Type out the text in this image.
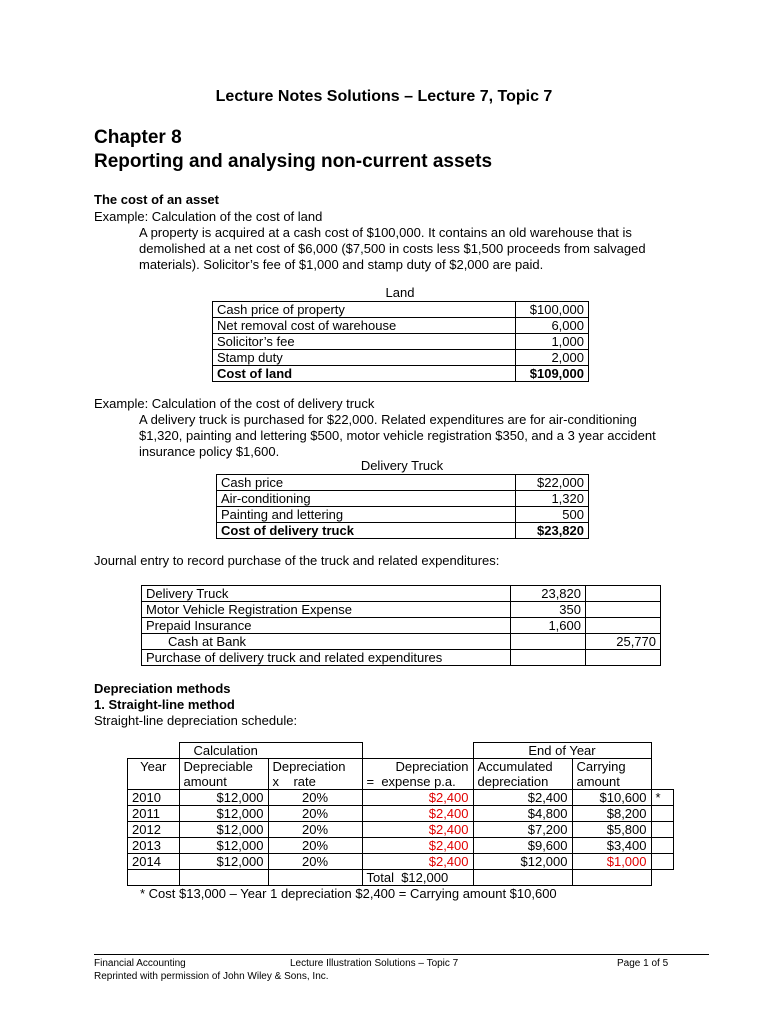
Lecture Notes Solutions – Lecture 7, Topic 7
Chapter 8
Reporting and analysing non-current assets
The cost of an asset
Example: Calculation of the cost of land
A property is acquired at a cash cost of $100,000. It contains an old warehouse that is
demolished at a net cost of $6,000 ($7,500 in costs less $1,500 proceeds from salvaged
materials). Solicitor’s fee of $1,000 and stamp duty of $2,000 are paid.
Land
Cash price of property	$100,000
Net removal cost of warehouse	6,000
Solicitor’s fee	1,000
Stamp duty	2,000
Cost of land	$109,000
Example: Calculation of the cost of delivery truck
A delivery truck is purchased for $22,000. Related expenditures are for air-conditioning
$1,320, painting and lettering $500, motor vehicle registration $350, and a 3 year accident
insurance policy $1,600.
Delivery Truck
Cash price	$22,000
Air-conditioning	1,320
Painting and lettering	500
Cost of delivery truck	$23,820
Journal entry to record purchase of the truck and related expenditures:
Delivery Truck	23,820	
Motor Vehicle Registration Expense	350	
Prepaid Insurance	1,600	
Cash at Bank		25,770
Purchase of delivery truck and related expenditures		
Depreciation methods
1. Straight-line method
Straight-line depreciation schedule:
	Calculation			End of Year		
Year	Depreciable	Depreciation	Depreciation	Accumulated	Carrying	
	amount	x    rate	=  expense p.a.	depreciation	amount	
2010	$12,000	20%	$2,400	$2,400	$10,600	*
2011	$12,000	20%	$2,400	$4,800	$8,200	
2012	$12,000	20%	$2,400	$7,200	$5,800	
2013	$12,000	20%	$2,400	$9,600	$3,400	
2014	$12,000	20%	$2,400	$12,000	$1,000	
			Total $12,000			
* Cost $13,000 – Year 1 depreciation $2,400 = Carrying amount $10,600
Financial Accounting	Lecture Illustration Solutions – Topic 7	Page 1 of 5
Reprinted with permission of John Wiley & Sons, Inc.
